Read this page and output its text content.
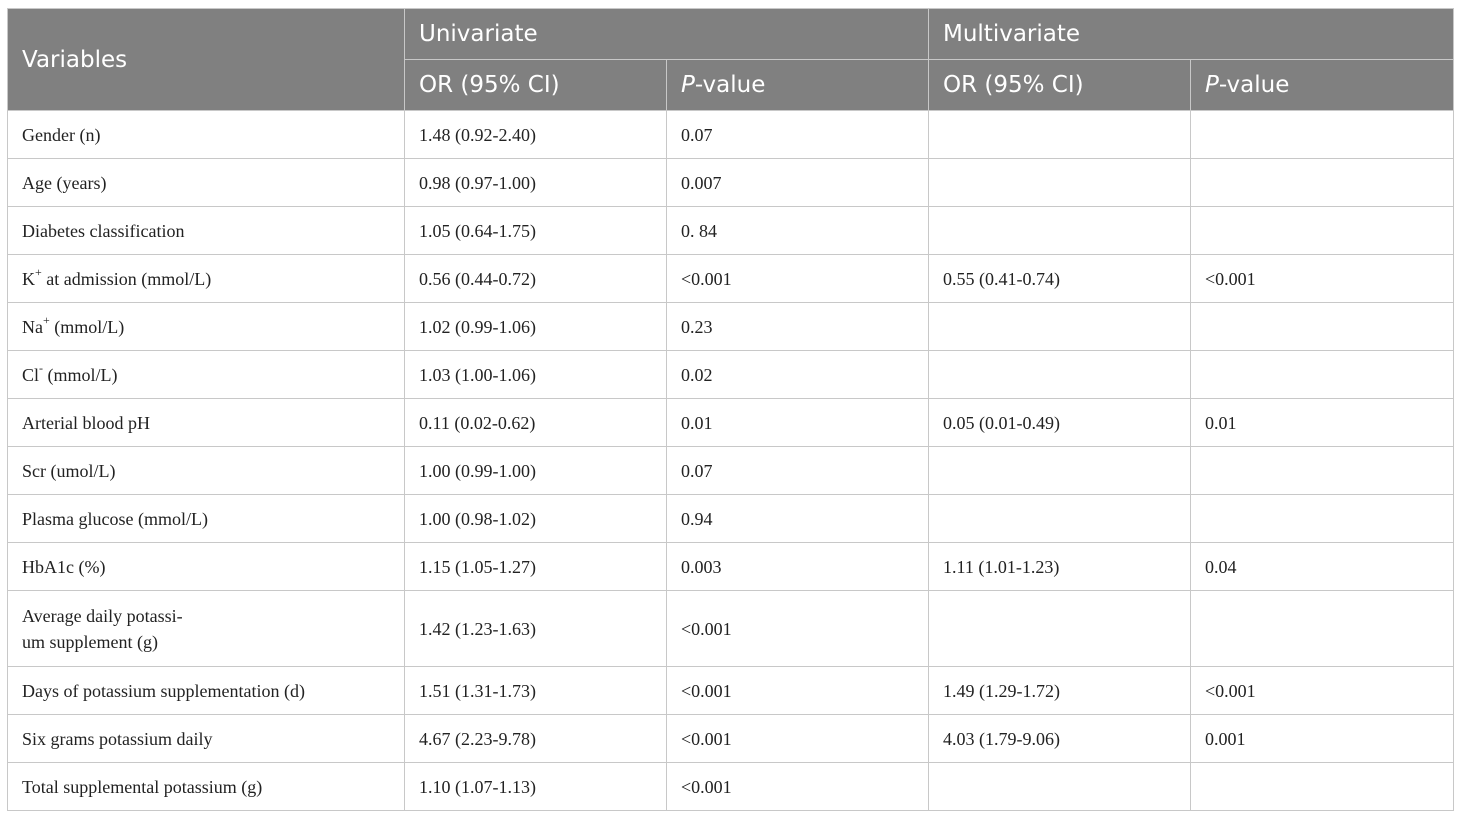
Variables	Univariate		Multivariate	
	OR (95% CI)	P-value	OR (95% CI)	P-value
Gender (n)	1.48 (0.92-2.40)	0.07		
Age (years)	0.98 (0.97-1.00)	0.007		
Diabetes classification	1.05 (0.64-1.75)	0. 84		
K+ at admission (mmol/L)	0.56 (0.44-0.72)	<0.001	0.55 (0.41-0.74)	<0.001
Na+ (mmol/L)	1.02 (0.99-1.06)	0.23		
Cl- (mmol/L)	1.03 (1.00-1.06)	0.02		
Arterial blood pH	0.11 (0.02-0.62)	0.01	0.05 (0.01-0.49)	0.01
Scr (umol/L)	1.00 (0.99-1.00)	0.07		
Plasma glucose (mmol/L)	1.00 (0.98-1.02)	0.94		
HbA1c (%)	1.15 (1.05-1.27)	0.003	1.11 (1.01-1.23)	0.04

Average daily potassi-
um supplement (g)	1.42 (1.23-1.63)	<0.001		
Days of potassium supplementation (d)	1.51 (1.31-1.73)	<0.001	1.49 (1.29-1.72)	<0.001
Six grams potassium daily	4.67 (2.23-9.78)	<0.001	4.03 (1.79-9.06)	0.001
Total supplemental potassium (g)	1.10 (1.07-1.13)	<0.001		
